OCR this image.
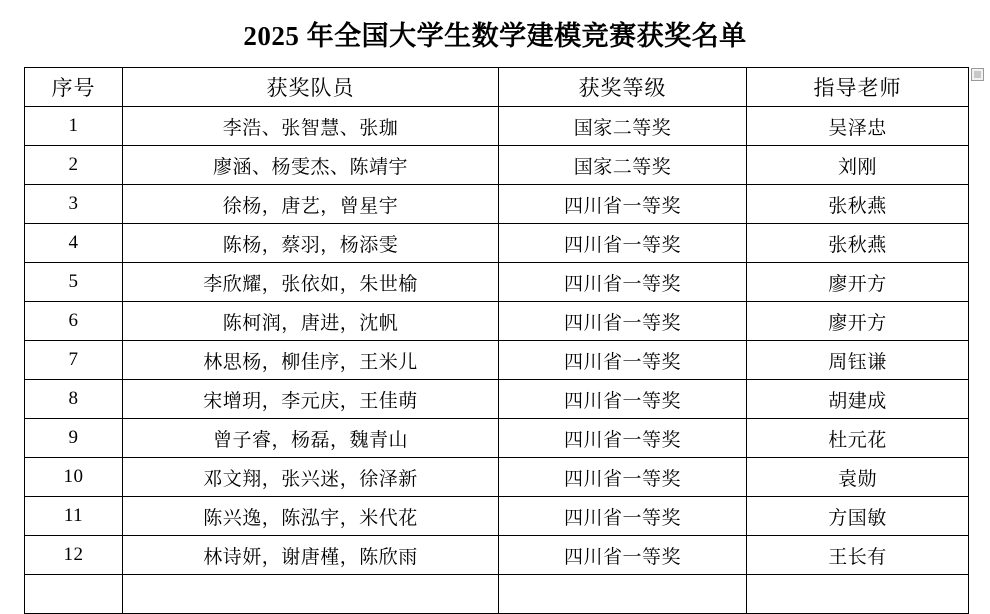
2025 年全国大学生数学建模竞赛获奖名单
序号	获奖队员	获奖等级	指导老师
1	李浩、张智慧、张珈	国家二等奖	吴泽忠
2	廖涵、杨雯杰、陈靖宇	国家二等奖	刘刚
3	徐杨，唐艺，曾星宇	四川省一等奖	张秋燕
4	陈杨，蔡羽，杨添雯	四川省一等奖	张秋燕
5	李欣耀，张依如，朱世榆	四川省一等奖	廖开方
6	陈柯润，唐进，沈帆	四川省一等奖	廖开方
7	林思杨，柳佳序，王米儿	四川省一等奖	周钰谦
8	宋增玥，李元庆，王佳萌	四川省一等奖	胡建成
9	曾子睿，杨磊，魏青山	四川省一等奖	杜元花
10	邓文翔，张兴迷，徐泽新	四川省一等奖	袁勋
11	陈兴逸，陈泓宇，米代花	四川省一等奖	方国敏
12	林诗妍，谢唐槿，陈欣雨	四川省一等奖	王长有
